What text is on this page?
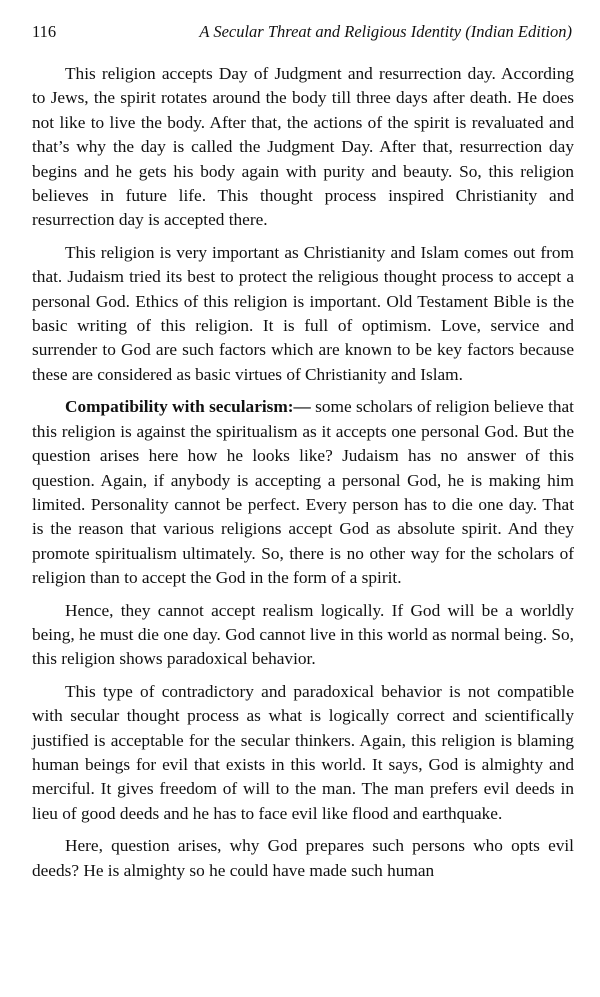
116	A Secular Threat and Religious Identity (Indian Edition)

This religion accepts Day of Judgment and resurrection day. According to Jews, the spirit rotates around the body till three days after death. He does not like to live the body. After that, the actions of the spirit is revaluated and that’s why the day is called the Judgment Day. After that, resurrection day begins and he gets his body again with purity and beauty. So, this religion believes in future life. This thought process inspired Christianity and resurrection day is accepted there.

This religion is very important as Christianity and Islam comes out from that. Judaism tried its best to protect the religious thought process to accept a personal God. Ethics of this religion is important. Old Testament Bible is the basic writing of this religion. It is full of optimism. Love, service and surrender to God are such factors which are known to be key factors because these are considered as basic virtues of Christianity and Islam.

Compatibility with secularism:— some scholars of religion believe that this religion is against the spiritualism as it accepts one personal God. But the question arises here how he looks like? Judaism has no answer of this question. Again, if anybody is accepting a personal God, he is making him limited. Personality cannot be perfect. Every person has to die one day. That is the reason that various religions accept God as absolute spirit. And they promote spiritualism ultimately. So, there is no other way for the scholars of religion than to accept the God in the form of a spirit.

Hence, they cannot accept realism logically. If God will be a worldly being, he must die one day. God cannot live in this world as normal being. So, this religion shows paradoxical behavior.

This type of contradictory and paradoxical behavior is not compatible with secular thought process as what is logically correct and scientifically justified is acceptable for the secular thinkers. Again, this religion is blaming human beings for evil that exists in this world. It says, God is almighty and merciful. It gives freedom of will to the man. The man prefers evil deeds in lieu of good deeds and he has to face evil like flood and earthquake.

Here, question arises, why God prepares such persons who opts evil deeds? He is almighty so he could have made such human
